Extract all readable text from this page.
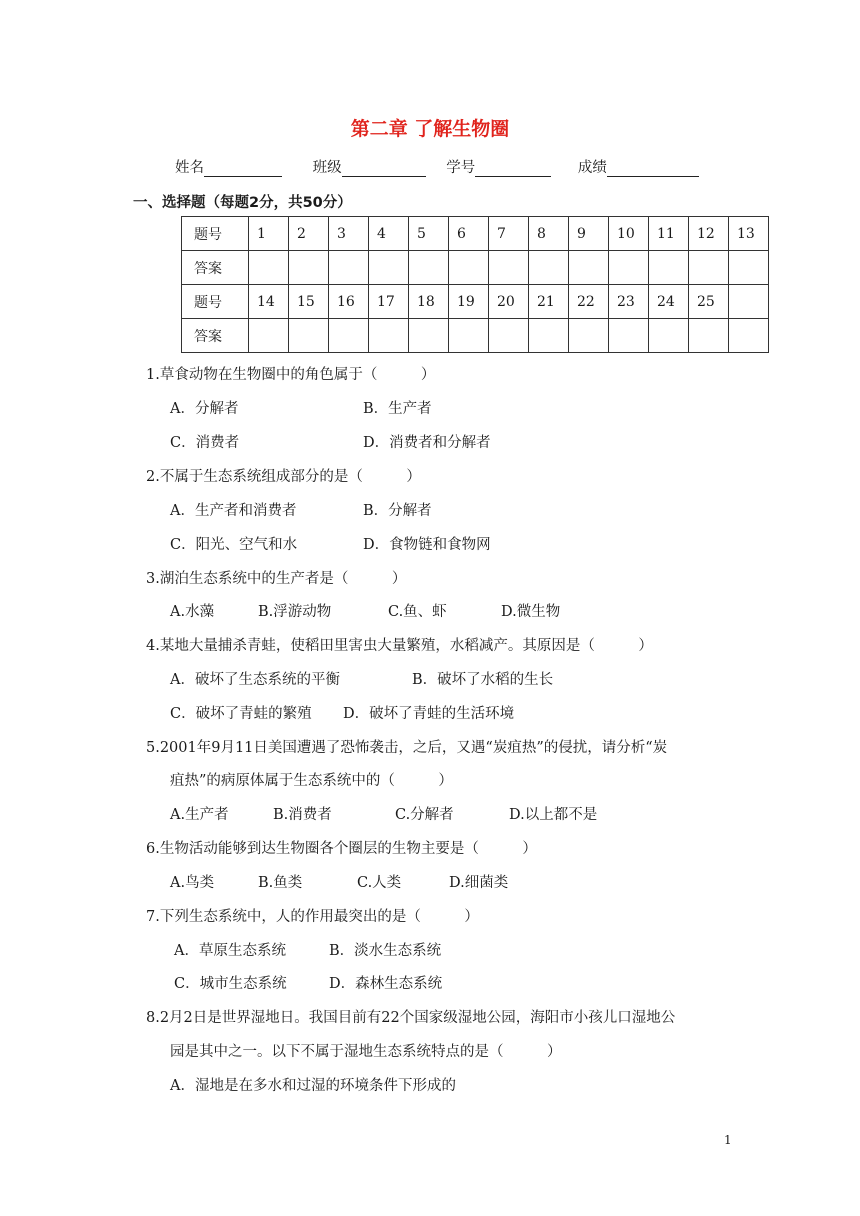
第二章 了解生物圈
姓名	班级	学号	成绩
一、选择题（每题2分，共50分）
题号	1	2	3	4	5	6	7	8	9	10	11	12	13
答案													
题号	14	15	16	17	18	19	20	21	22	23	24	25	
答案													
1.草食动物在生物圈中的角色属于（　　　）
A．分解者	B．生产者
C．消费者	D．消费者和分解者
2.不属于生态系统组成部分的是（　　　）
A．生产者和消费者	B．分解者
C．阳光、空气和水	D．食物链和食物网
3.湖泊生态系统中的生产者是（　　　）
A.水藻	B.浮游动物	C.鱼、虾	D.微生物
4.某地大量捕杀青蛙，使稻田里害虫大量繁殖，水稻减产。其原因是（　　　）
A．破坏了生态系统的平衡	B．破坏了水稻的生长
C．破坏了青蛙的繁殖 D．破坏了青蛙的生活环境
5.2001年9月11日美国遭遇了恐怖袭击，之后，又遇“炭疽热”的侵扰，请分析“炭
疽热”的病原体属于生态系统中的（　　　）
A.生产者	B.消费者	C.分解者	D.以上都不是
6.生物活动能够到达生物圈各个圈层的生物主要是（　　　）
A.鸟类	B.鱼类	C.人类	D.细菌类
7.下列生态系统中，人的作用最突出的是（　　　）
A．草原生态系统	B．淡水生态系统
C．城市生态系统	D．森林生态系统
8.2月2日是世界湿地日。我国目前有22个国家级湿地公园，海阳市小孩儿口湿地公
园是其中之一。以下不属于湿地生态系统特点的是（　　　）
A．湿地是在多水和过湿的环境条件下形成的
1
